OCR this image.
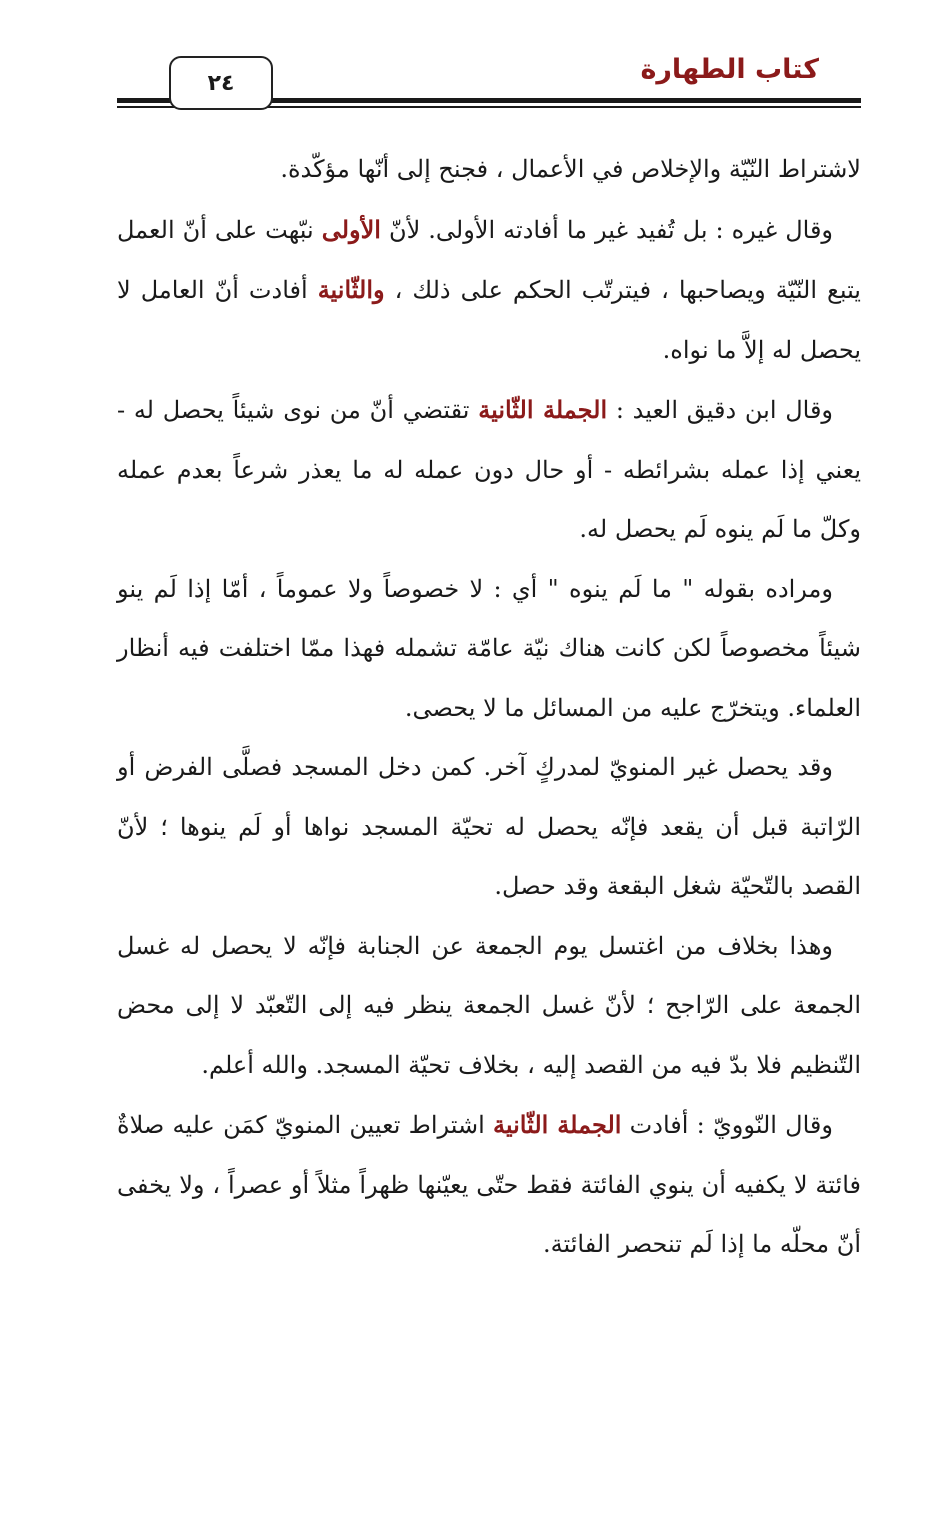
٢٤	كتاب الطهارة

لاشتراط النّيّة والإخلاص في الأعمال ، فجنح إلى أنّها مؤكّدة.

وقال غيره : بل تُفيد غير ما أفادته الأولى. لأنّ الأولى نبّهت على أنّ العمل يتبع النّيّة ويصاحبها ، فيترتّب الحكم على ذلك ، والثّانية أفادت أنّ العامل لا يحصل له إلاَّ ما نواه.

وقال ابن دقيق العيد : الجملة الثّانية تقتضي أنّ من نوى شيئاً يحصل له - يعني إذا عمله بشرائطه - أو حال دون عمله له ما يعذر شرعاً بعدم عمله وكلّ ما لَم ينوه لَم يحصل له.

ومراده بقوله " ما لَم ينوه " أي : لا خصوصاً ولا عموماً ، أمّا إذا لَم ينو شيئاً مخصوصاً لكن كانت هناك نيّة عامّة تشمله فهذا ممّا اختلفت فيه أنظار العلماء. ويتخرّج عليه من المسائل ما لا يحصى.

وقد يحصل غير المنويّ لمدركٍ آخر. كمن دخل المسجد فصلَّى الفرض أو الرّاتبة قبل أن يقعد فإنّه يحصل له تحيّة المسجد نواها أو لَم ينوها ؛ لأنّ القصد بالتّحيّة شغل البقعة وقد حصل.

وهذا بخلاف من اغتسل يوم الجمعة عن الجنابة فإنّه لا يحصل له غسل الجمعة على الرّاجح ؛ لأنّ غسل الجمعة ينظر فيه إلى التّعبّد لا إلى محض التّنظيم فلا بدّ فيه من القصد إليه ، بخلاف تحيّة المسجد. والله أعلم.

وقال النّوويّ : أفادت الجملة الثّانية اشتراط تعيين المنويّ كمَن عليه صلاةٌ فائتة لا يكفيه أن ينوي الفائتة فقط حتّى يعيّنها ظهراً مثلاً أو عصراً ، ولا يخفى أنّ محلّه ما إذا لَم تنحصر الفائتة.
